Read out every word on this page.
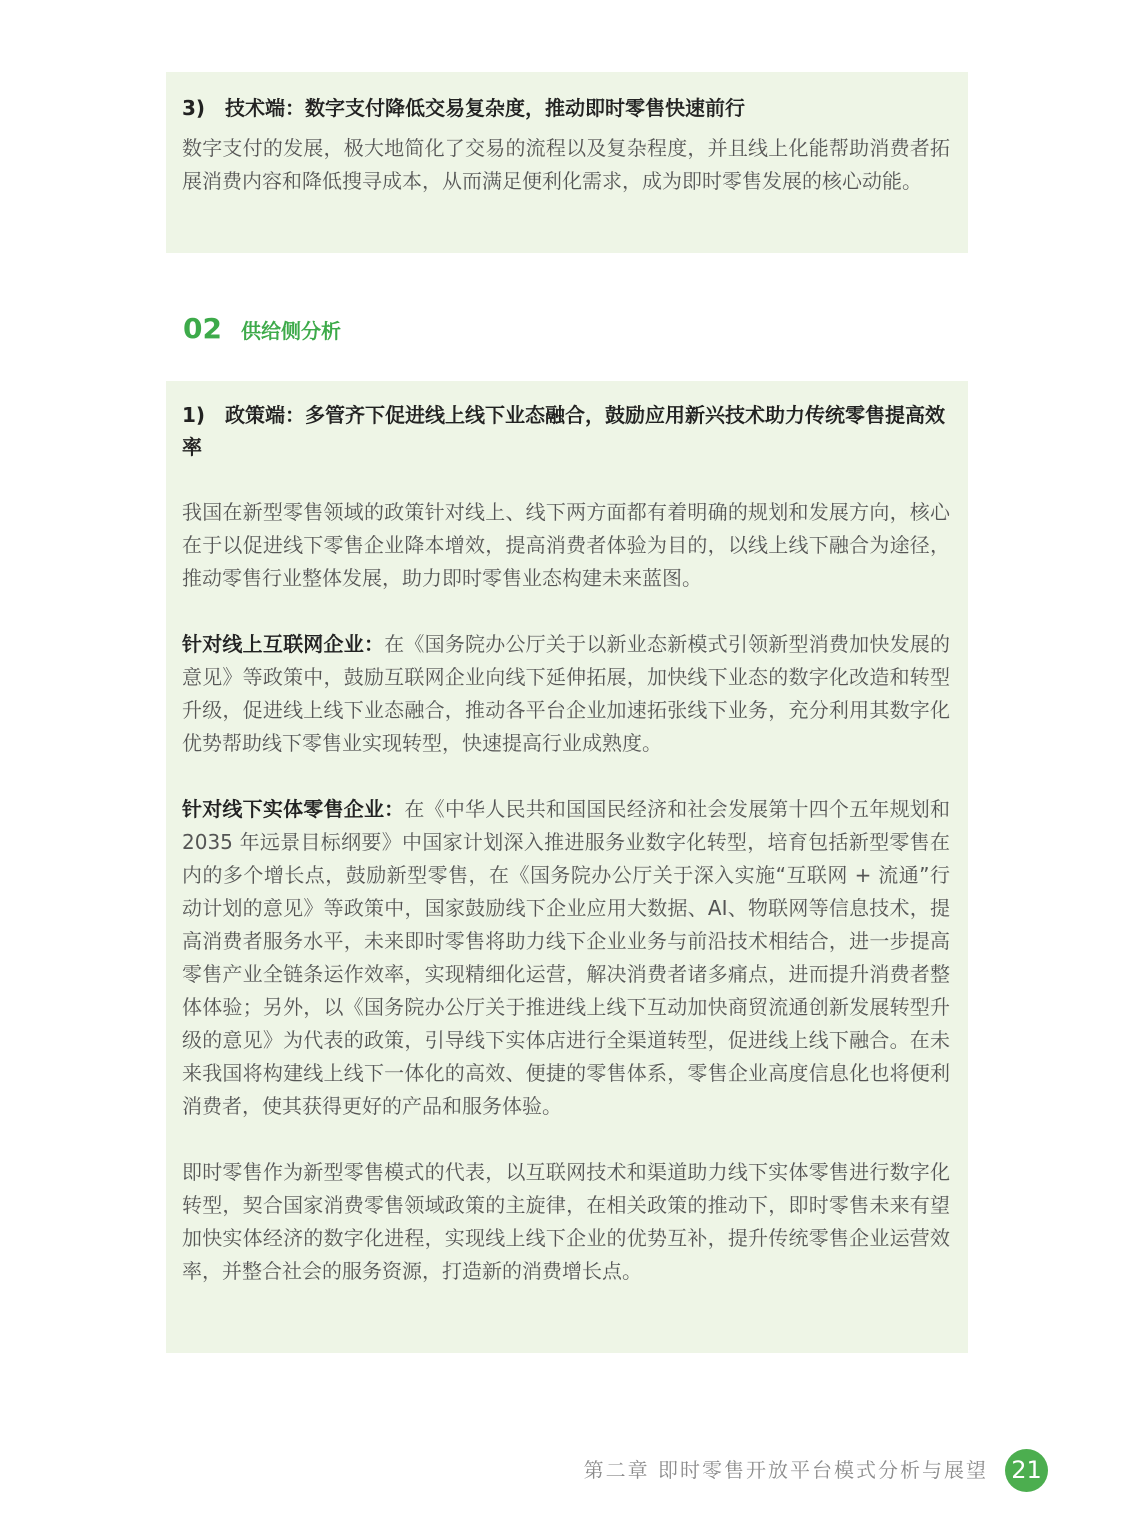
3)　技术端：数字支付降低交易复杂度，推动即时零售快速前行

数字支付的发展，极大地简化了交易的流程以及复杂程度，并且线上化能帮助消费者拓展消费内容和降低搜寻成本，从而满足便利化需求，成为即时零售发展的核心动能。

02 供给侧分析

1)　政策端：多管齐下促进线上线下业态融合，鼓励应用新兴技术助力传统零售提高效率

我国在新型零售领域的政策针对线上、线下两方面都有着明确的规划和发展方向，核心在于以促进线下零售企业降本增效，提高消费者体验为目的，以线上线下融合为途径，推动零售行业整体发展，助力即时零售业态构建未来蓝图。

针对线上互联网企业：在《国务院办公厅关于以新业态新模式引领新型消费加快发展的意见》等政策中，鼓励互联网企业向线下延伸拓展，加快线下业态的数字化改造和转型升级，促进线上线下业态融合，推动各平台企业加速拓张线下业务，充分利用其数字化优势帮助线下零售业实现转型，快速提高行业成熟度。

针对线下实体零售企业：在《中华人民共和国国民经济和社会发展第十四个五年规划和 2035 年远景目标纲要》中国家计划深入推进服务业数字化转型，培育包括新型零售在内的多个增长点，鼓励新型零售，在《国务院办公厅关于深入实施“互联网 + 流通”行动计划的意见》等政策中，国家鼓励线下企业应用大数据、AI、物联网等信息技术，提高消费者服务水平，未来即时零售将助力线下企业业务与前沿技术相结合，进一步提高零售产业全链条运作效率，实现精细化运营，解决消费者诸多痛点，进而提升消费者整体体验；另外，以《国务院办公厅关于推进线上线下互动加快商贸流通创新发展转型升级的意见》为代表的政策，引导线下实体店进行全渠道转型，促进线上线下融合。在未来我国将构建线上线下一体化的高效、便捷的零售体系，零售企业高度信息化也将便利消费者，使其获得更好的产品和服务体验。

即时零售作为新型零售模式的代表，以互联网技术和渠道助力线下实体零售进行数字化转型，契合国家消费零售领域政策的主旋律，在相关政策的推动下，即时零售未来有望加快实体经济的数字化进程，实现线上线下企业的优势互补，提升传统零售企业运营效率，并整合社会的服务资源，打造新的消费增长点。

第二章 即时零售开放平台模式分析与展望 21
